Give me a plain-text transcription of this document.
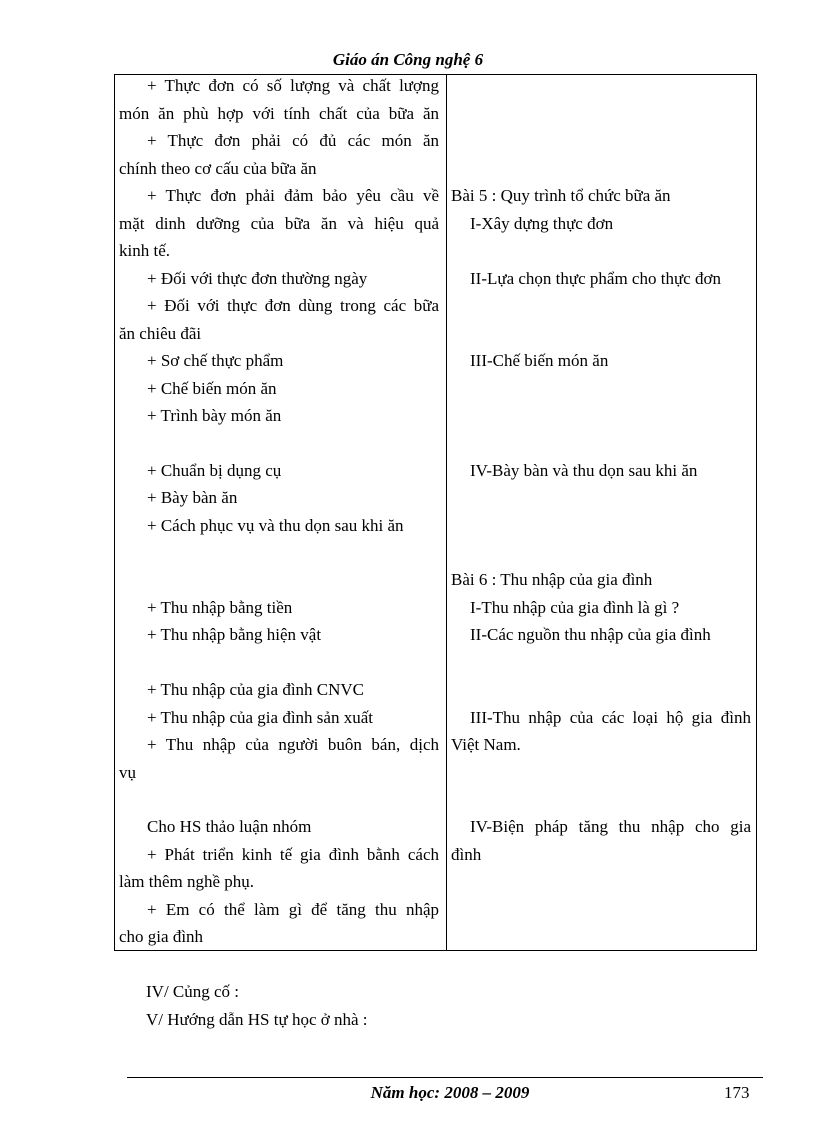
Giáo án Công nghệ 6
+ Thực đơn có số lượng và chất lượng
món ăn phù hợp với tính chất của bữa ăn
+ Thực đơn phải có đủ các món ăn
chính theo cơ cấu của bữa ăn
+ Thực đơn phải đảm bảo yêu cầu về
mặt dinh dưỡng của bữa ăn và hiệu quả
kinh tế.
+ Đối với thực đơn thường ngày
+ Đối với thực đơn dùng trong các bữa
ăn chiêu đãi
+ Sơ chế thực phẩm
+ Chế biến món ăn
+ Trình bày món ăn
+ Chuẩn bị dụng cụ
+ Bày bàn ăn
+ Cách phục vụ và thu dọn sau khi ăn
+ Thu nhập bằng tiền
+ Thu nhập bằng hiện vật
+ Thu nhập của gia đình CNVC
+ Thu nhập của gia đình sản xuất
+ Thu nhập của người buôn bán, dịch
vụ
Cho HS thảo luận nhóm
+ Phát triển kinh tế gia đình bằnh cách
làm thêm nghề phụ.
+ Em có thể làm gì để tăng thu nhập
cho gia đình
Bài 5 : Quy trình tổ chức bữa ăn
I-Xây dựng thực đơn
II-Lựa chọn thực phẩm cho thực đơn
III-Chế biến món ăn
IV-Bày bàn và thu dọn sau khi ăn
Bài 6 : Thu nhập của gia đình
I-Thu nhập của gia đình là gì ?
II-Các nguồn thu nhập của gia đình
III-Thu nhập của các loại hộ gia đình
Việt Nam.
IV-Biện pháp tăng thu nhập cho gia
đình
IV/ Củng cố :
V/ Hướng dẫn HS tự học ở nhà :
Năm học: 2008 – 2009	173
